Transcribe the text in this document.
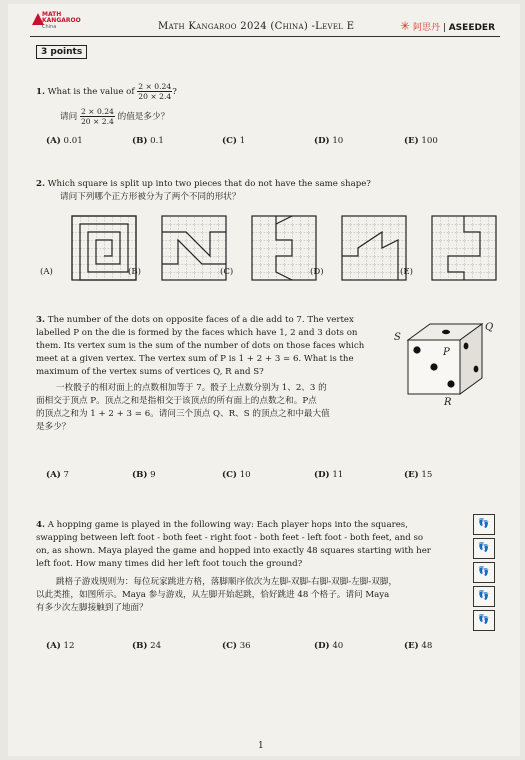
MATH
KANGAROO
China	Math Kangaroo 2024 (China) -Level E	✳ 阿思丹 | ASEEDER
3 points
1. What is the value of $\frac{2 \times 0.24}{20 \times 2.4}$ ?
请问 $\frac{2 \times 0.24}{20 \times 2.4}$ 的值是多少？
(A) 0.01	(B) 0.1	(C) 1	(D) 10	(E) 100
2. Which square is split up into two pieces that do not have the same shape?
请问下列哪个正方形被分为了两个不同的形状？
(A)	(B)	(C)	(D)	(E)
3. The number of the dots on opposite faces of a die add to 7. The vertex
labelled P on the die is formed by the faces which have 1, 2 and 3 dots on
them. Its vertex sum is the sum of the number of dots on those faces which
meet at a given vertex. The vertex sum of P is 1 + 2 + 3 = 6. What is the
maximum of the vertex sums of vertices Q, R and S?
一枚骰子的相对面上的点数相加等于 7。骰子上点数分别为 1、2、3 的
面相交于顶点 P。顶点之和是指相交于该顶点的所有面上的点数之和。P点
的顶点之和为 1 + 2 + 3 = 6。请问三个顶点 Q、R、S 的顶点之和中最大值
是多少？
S
Q
P
R
(A) 7	(B) 9	(C) 10	(D) 11	(E) 15
4. A hopping game is played in the following way: Each player hops into the squares,
swapping between left foot - both feet - right foot - both feet - left foot - both feet, and so
on, as shown. Maya played the game and hopped into exactly 48 squares starting with her
left foot. How many times did her left foot touch the ground?
跳格子游戏规则为：每位玩家跳进方格，落脚顺序依次为左脚-双脚-右脚-双脚-左脚-双脚，
以此类推，如图所示。Maya 参与游戏，从左脚开始起跳，恰好跳进 48 个格子。请问 Maya
有多少次左脚接触到了地面？
👣
👣
👣
👣
👣
(A) 12	(B) 24	(C) 36	(D) 40	(E) 48
1
